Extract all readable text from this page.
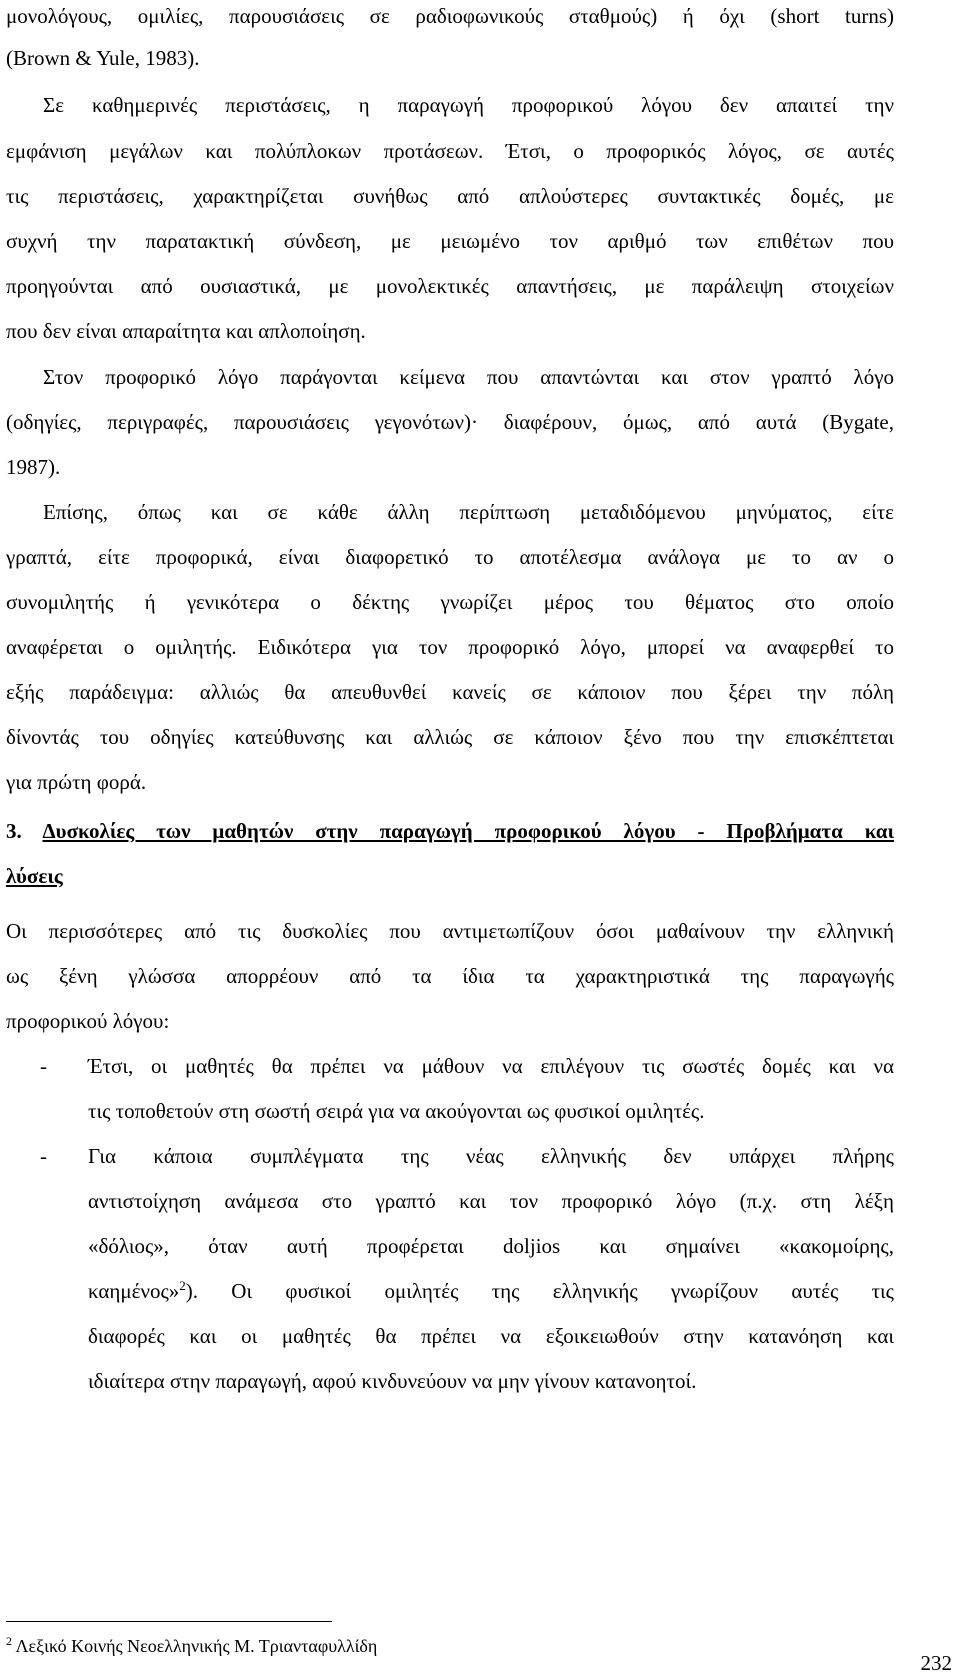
μονολόγους, ομιλίες, παρουσιάσεις σε ραδιοφωνικούς σταθμούς) ή όχι (short turns)
(Brown & Yule, 1983).
Σε καθημερινές περιστάσεις, η παραγωγή προφορικού λόγου δεν απαιτεί την
εμφάνιση μεγάλων και πολύπλοκων προτάσεων. Έτσι, ο προφορικός λόγος, σε αυτές
τις περιστάσεις, χαρακτηρίζεται συνήθως από απλούστερες συντακτικές δομές, με
συχνή την παρατακτική σύνδεση, με μειωμένο τον αριθμό των επιθέτων που
προηγούνται από ουσιαστικά, με μονολεκτικές απαντήσεις, με παράλειψη στοιχείων
που δεν είναι απαραίτητα και απλοποίηση.
Στον προφορικό λόγο παράγονται κείμενα που απαντώνται και στον γραπτό λόγο
(οδηγίες, περιγραφές, παρουσιάσεις γεγονότων)· διαφέρουν, όμως, από αυτά (Bygate,
1987).
Επίσης, όπως και σε κάθε άλλη περίπτωση μεταδιδόμενου μηνύματος, είτε
γραπτά, είτε προφορικά, είναι διαφορετικό το αποτέλεσμα ανάλογα με το αν ο
συνομιλητής ή γενικότερα ο δέκτης γνωρίζει μέρος του θέματος στο οποίο
αναφέρεται ο ομιλητής. Ειδικότερα για τον προφορικό λόγο, μπορεί να αναφερθεί το
εξής παράδειγμα: αλλιώς θα απευθυνθεί κανείς σε κάποιον που ξέρει την πόλη
δίνοντάς του οδηγίες κατεύθυνσης και αλλιώς σε κάποιον ξένο που την επισκέπτεται
για πρώτη φορά.
3. Δυσκολίες των μαθητών στην παραγωγή προφορικού λόγου - Προβλήματα και
λύσεις
Οι περισσότερες από τις δυσκολίες που αντιμετωπίζουν όσοι μαθαίνουν την ελληνική
ως ξένη γλώσσα απορρέουν από τα ίδια τα χαρακτηριστικά της παραγωγής
προφορικού λόγου:
- Έτσι, οι μαθητές θα πρέπει να μάθουν να επιλέγουν τις σωστές δομές και να
τις τοποθετούν στη σωστή σειρά για να ακούγονται ως φυσικοί ομιλητές.
- Για κάποια συμπλέγματα της νέας ελληνικής δεν υπάρχει πλήρης
αντιστοίχηση ανάμεσα στο γραπτό και τον προφορικό λόγο (π.χ. στη λέξη
«δόλιος», όταν αυτή προφέρεται doljios και σημαίνει «κακομοίρης,
καημένος»$^2$). Οι φυσικοί ομιλητές της ελληνικής γνωρίζουν αυτές τις
διαφορές και οι μαθητές θα πρέπει να εξοικειωθούν στην κατανόηση και
ιδιαίτερα στην παραγωγή, αφού κινδυνεύουν να μην γίνουν κατανοητοί.
$^2$ Λεξικό Κοινής Νεοελληνικής Μ. Τριανταφυλλίδη
232
